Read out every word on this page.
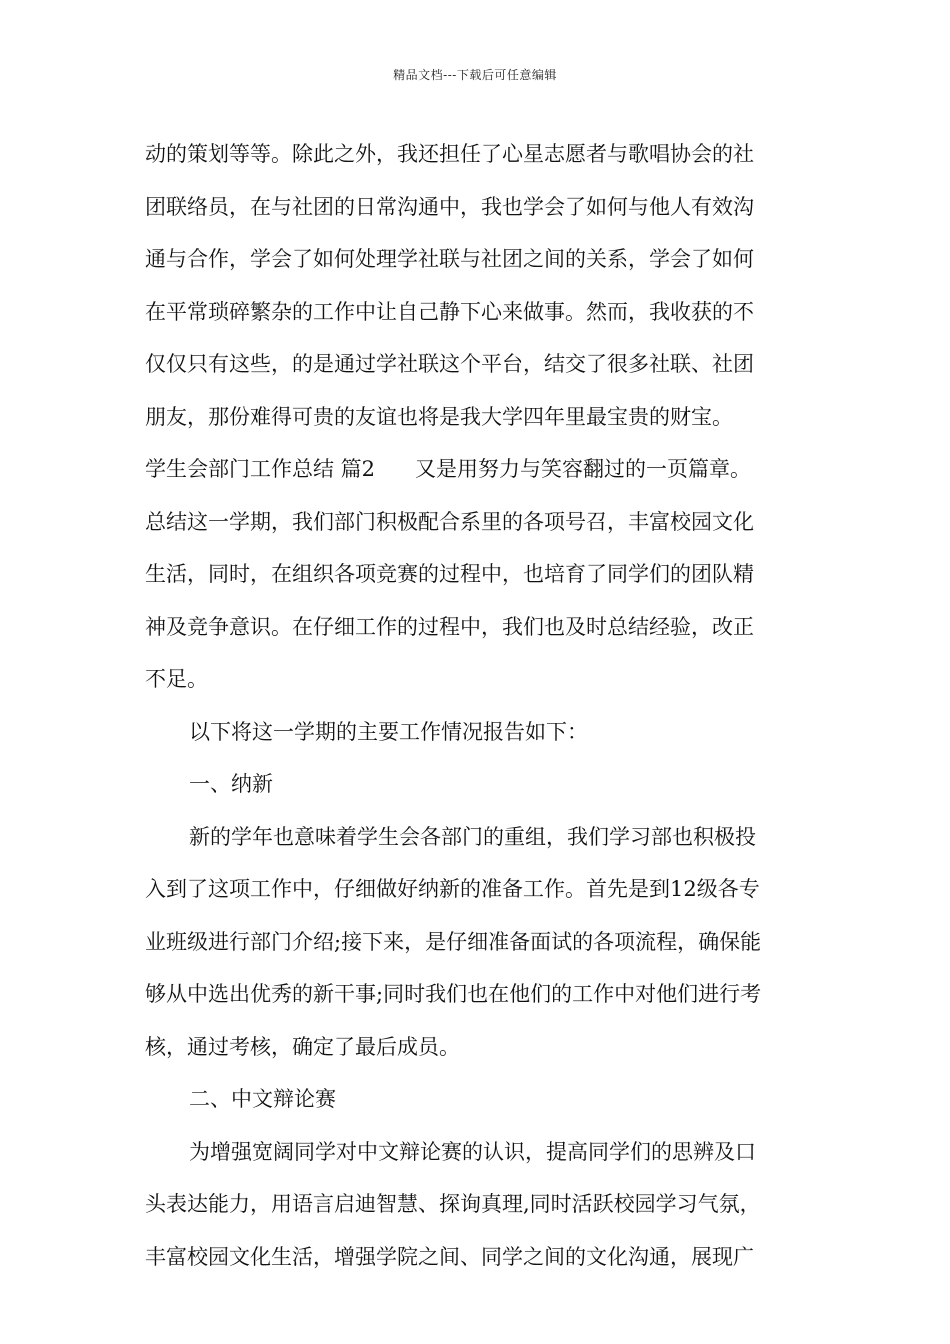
精品文档---下载后可任意编辑
动的策划等等。除此之外，我还担任了心星志愿者与歌唱协会的社
团联络员，在与社团的日常沟通中，我也学会了如何与他人有效沟
通与合作，学会了如何处理学社联与社团之间的关系，学会了如何
在平常琐碎繁杂的工作中让自己静下心来做事。然而，我收获的不
仅仅只有这些，的是通过学社联这个平台，结交了很多社联、社团
朋友，那份难得可贵的友谊也将是我大学四年里最宝贵的财宝。
学生会部门工作总结 篇2 又是用努力与笑容翻过的一页篇章。
总结这一学期，我们部门积极配合系里的各项号召，丰富校园文化
生活，同时，在组织各项竞赛的过程中，也培育了同学们的团队精
神及竞争意识。在仔细工作的过程中，我们也及时总结经验，改正
不足。
以下将这一学期的主要工作情况报告如下：
一、纳新
新的学年也意味着学生会各部门的重组，我们学习部也积极投
入到了这项工作中，仔细做好纳新的准备工作。首先是到12级各专
业班级进行部门介绍;接下来，是仔细准备面试的各项流程，确保能
够从中选出优秀的新干事;同时我们也在他们的工作中对他们进行考
核，通过考核，确定了最后成员。
二、中文辩论赛
为增强宽阔同学对中文辩论赛的认识，提高同学们的思辨及口
头表达能力，用语言启迪智慧、探询真理,同时活跃校园学习气氛，
丰富校园文化生活，增强学院之间、同学之间的文化沟通，展现广
